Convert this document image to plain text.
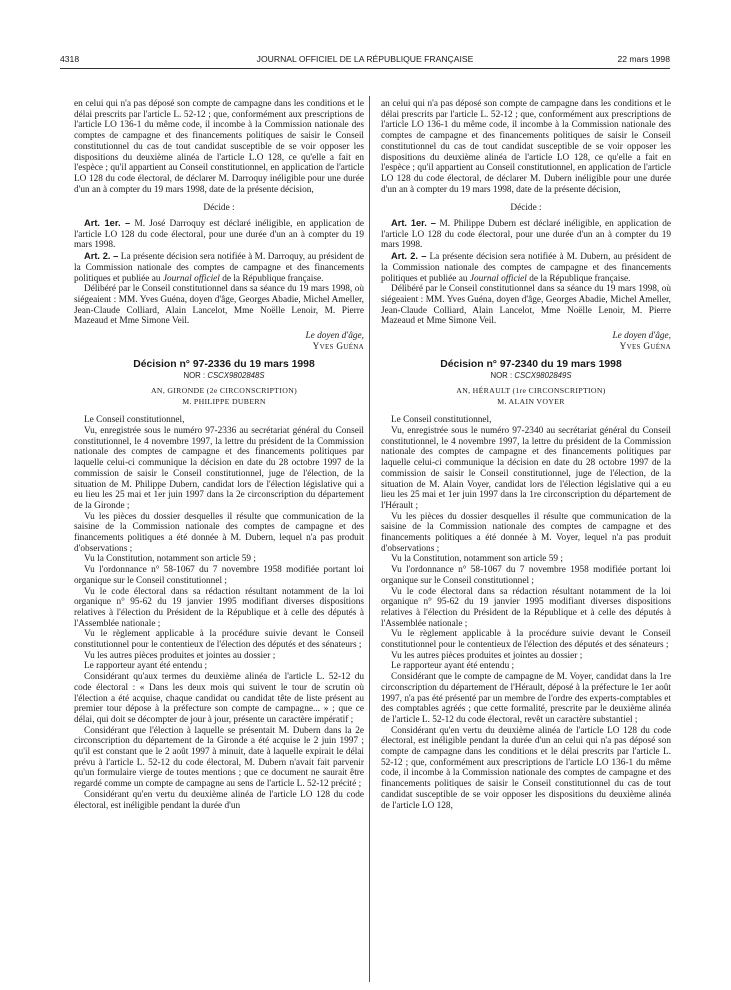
4318	JOURNAL OFFICIEL DE LA RÉPUBLIQUE FRANÇAISE	22 mars 1998

en celui qui n'a pas déposé son compte de campagne dans les conditions et le délai prescrits par l'article L. 52-12 ; que, conformément aux prescriptions de l'article LO 136-1 du même code, il incombe à la Commission nationale des comptes de campagne et des financements politiques de saisir le Conseil constitutionnel du cas de tout candidat susceptible de se voir opposer les dispositions du deuxième alinéa de l'article L.O 128, ce qu'elle a fait en l'espèce ; qu'il appartient au Conseil constitutionnel, en application de l'article LO 128 du code électoral, de déclarer M. Darroquy inéligible pour une durée d'un an à compter du 19 mars 1998, date de la présente décision,

Décide :

Art. 1er. – M. José Darroquy est déclaré inéligible, en application de l'article LO 128 du code électoral, pour une durée d'un an à compter du 19 mars 1998.

Art. 2. – La présente décision sera notifiée à M. Darroquy, au président de la Commission nationale des comptes de campagne et des financements politiques et publiée au Journal officiel de la République française.

Délibéré par le Conseil constitutionnel dans sa séance du 19 mars 1998, où siégeaient : MM. Yves Guéna, doyen d'âge, Georges Abadie, Michel Ameller, Jean-Claude Colliard, Alain Lancelot, Mme Noëlle Lenoir, M. Pierre Mazeaud et Mme Simone Veil.

Le doyen d'âge,

Yves Guéna

Décision n° 97-2336 du 19 mars 1998

NOR : CSCX9802848S

AN, GIRONDE (2e CIRCONSCRIPTION)

M. PHILIPPE DUBERN

Le Conseil constitutionnel,

Vu, enregistrée sous le numéro 97-2336 au secrétariat général du Conseil constitutionnel, le 4 novembre 1997, la lettre du président de la Commission nationale des comptes de campagne et des financements politiques par laquelle celui-ci communique la décision en date du 28 octobre 1997 de la commission de saisir le Conseil constitutionnel, juge de l'élection, de la situation de M. Philippe Dubern, candidat lors de l'élection législative qui a eu lieu les 25 mai et 1er juin 1997 dans la 2e circonscription du département de la Gironde ;

Vu les pièces du dossier desquelles il résulte que communication de la saisine de la Commission nationale des comptes de campagne et des financements politiques a été donnée à M. Dubern, lequel n'a pas produit d'observations ;

Vu la Constitution, notamment son article 59 ;

Vu l'ordonnance n° 58-1067 du 7 novembre 1958 modifiée portant loi organique sur le Conseil constitutionnel ;

Vu le code électoral dans sa rédaction résultant notamment de la loi organique n° 95-62 du 19 janvier 1995 modifiant diverses dispositions relatives à l'élection du Président de la République et à celle des députés à l'Assemblée nationale ;

Vu le règlement applicable à la procédure suivie devant le Conseil constitutionnel pour le contentieux de l'élection des députés et des sénateurs ;

Vu les autres pièces produites et jointes au dossier ;

Le rapporteur ayant été entendu ;

Considérant qu'aux termes du deuxième alinéa de l'article L. 52-12 du code électoral : « Dans les deux mois qui suivent le tour de scrutin où l'élection a été acquise, chaque candidat ou candidat tête de liste présent au premier tour dépose à la préfecture son compte de campagne... » ; que ce délai, qui doit se décompter de jour à jour, présente un caractère impératif ;

Considérant que l'élection à laquelle se présentait M. Dubern dans la 2e circonscription du département de la Gironde a été acquise le 2 juin 1997 ; qu'il est constant que le 2 août 1997 à minuit, date à laquelle expirait le délai prévu à l'article L. 52-12 du code électoral, M. Dubern n'avait fait parvenir qu'un formulaire vierge de toutes mentions ; que ce document ne saurait être regardé comme un compte de campagne au sens de l'article L. 52-12 précité ;

Considérant qu'en vertu du deuxième alinéa de l'article LO 128 du code électoral, est inéligible pendant la durée d'un

an celui qui n'a pas déposé son compte de campagne dans les conditions et le délai prescrits par l'article L. 52-12 ; que, conformément aux prescriptions de l'article LO 136-1 du même code, il incombe à la Commission nationale des comptes de campagne et des financements politiques de saisir le Conseil constitutionnel du cas de tout candidat susceptible de se voir opposer les dispositions du deuxième alinéa de l'article LO 128, ce qu'elle a fait en l'espèce ; qu'il appartient au Conseil constitutionnel, en application de l'article LO 128 du code électoral, de déclarer M. Dubern inéligible pour une durée d'un an à compter du 19 mars 1998, date de la présente décision,

Décide :

Art. 1er. – M. Philippe Dubern est déclaré inéligible, en application de l'article LO 128 du code électoral, pour une durée d'un an à compter du 19 mars 1998.

Art. 2. – La présente décision sera notifiée à M. Dubern, au président de la Commission nationale des comptes de campagne et des financements politiques et publiée au Journal officiel de la République française.

Délibéré par le Conseil constitutionnel dans sa séance du 19 mars 1998, où siégeaient : MM. Yves Guéna, doyen d'âge, Georges Abadie, Michel Ameller, Jean-Claude Colliard, Alain Lancelot, Mme Noëlle Lenoir, M. Pierre Mazeaud et Mme Simone Veil.

Le doyen d'âge,

Yves Guéna

Décision n° 97-2340 du 19 mars 1998

NOR : CSCX9802849S

AN, HÉRAULT (1re CIRCONSCRIPTION)

M. ALAIN VOYER

Le Conseil constitutionnel,

Vu, enregistrée sous le numéro 97-2340 au secrétariat général du Conseil constitutionnel, le 4 novembre 1997, la lettre du président de la Commission nationale des comptes de campagne et des financements politiques par laquelle celui-ci communique la décision en date du 28 octobre 1997 de la commission de saisir le Conseil constitutionnel, juge de l'élection, de la situation de M. Alain Voyer, candidat lors de l'élection législative qui a eu lieu les 25 mai et 1er juin 1997 dans la 1re circonscription du département de l'Hérault ;

Vu les pièces du dossier desquelles il résulte que communication de la saisine de la Commission nationale des comptes de campagne et des financements politiques a été donnée à M. Voyer, lequel n'a pas produit d'observations ;

Vu la Constitution, notamment son article 59 ;

Vu l'ordonnance n° 58-1067 du 7 novembre 1958 modifiée portant loi organique sur le Conseil constitutionnel ;

Vu le code électoral dans sa rédaction résultant notamment de la loi organique n° 95-62 du 19 janvier 1995 modifiant diverses dispositions relatives à l'élection du Président de la République et à celle des députés à l'Assemblée nationale ;

Vu le règlement applicable à la procédure suivie devant le Conseil constitutionnel pour le contentieux de l'élection des députés et des sénateurs ;

Vu les autres pièces produites et jointes au dossier ;

Le rapporteur ayant été entendu ;

Considérant que le compte de campagne de M. Voyer, candidat dans la 1re circonscription du département de l'Hérault, déposé à la préfecture le 1er août 1997, n'a pas été présenté par un membre de l'ordre des experts-comptables et des comptables agréés ; que cette formalité, prescrite par le deuxième alinéa de l'article L. 52-12 du code électoral, revêt un caractère substantiel ;

Considérant qu'en vertu du deuxième alinéa de l'article LO 128 du code électoral, est inéligible pendant la durée d'un an celui qui n'a pas déposé son compte de campagne dans les conditions et le délai prescrits par l'article L. 52-12 ; que, conformément aux prescriptions de l'article LO 136-1 du même code, il incombe à la Commission nationale des comptes de campagne et des financements politiques de saisir le Conseil constitutionnel du cas de tout candidat susceptible de se voir opposer les dispositions du deuxième alinéa de l'article LO 128,
